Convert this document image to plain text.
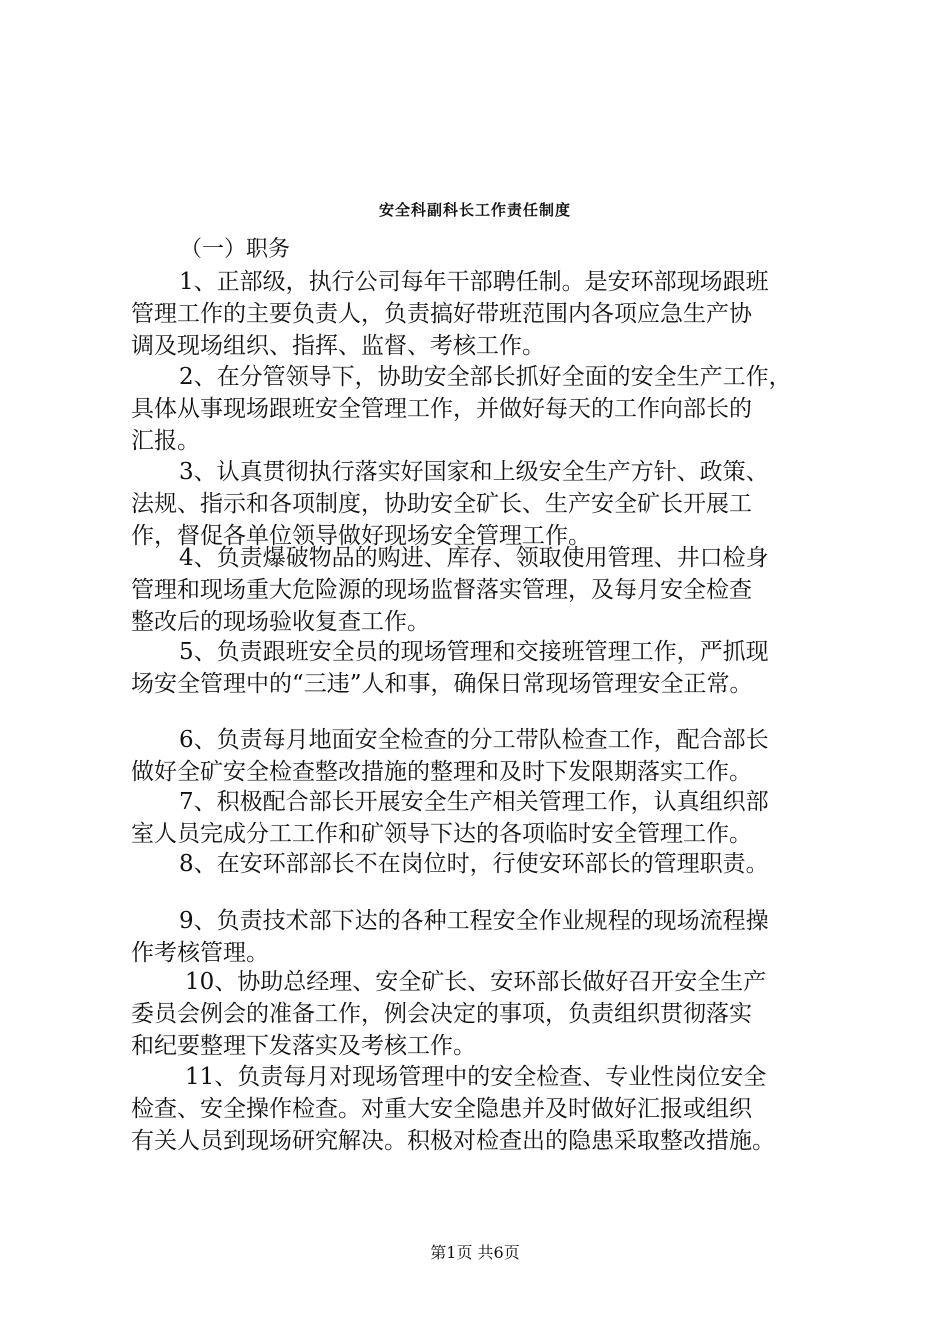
安全科副科长工作责任制度
（一）职务
1、正部级，执行公司每年干部聘任制。是安环部现场跟班
管理工作的主要负责人，负责搞好带班范围内各项应急生产协
调及现场组织、指挥、监督、考核工作。
2、在分管领导下，协助安全部长抓好全面的安全生产工作，
具体从事现场跟班安全管理工作，并做好每天的工作向部长的
汇报。
3、认真贯彻执行落实好国家和上级安全生产方针、政策、
法规、指示和各项制度，协助安全矿长、生产安全矿长开展工
作，督促各单位领导做好现场安全管理工作。
4、负责爆破物品的购进、库存、领取使用管理、井口检身
管理和现场重大危险源的现场监督落实管理，及每月安全检查
整改后的现场验收复查工作。
5、负责跟班安全员的现场管理和交接班管理工作，严抓现
场安全管理中的“三违”人和事，确保日常现场管理安全正常。
6、负责每月地面安全检查的分工带队检查工作，配合部长
做好全矿安全检查整改措施的整理和及时下发限期落实工作。
7、积极配合部长开展安全生产相关管理工作，认真组织部
室人员完成分工工作和矿领导下达的各项临时安全管理工作。
8、在安环部部长不在岗位时，行使安环部长的管理职责。
9、负责技术部下达的各种工程安全作业规程的现场流程操
作考核管理。
10、协助总经理、安全矿长、安环部长做好召开安全生产
委员会例会的准备工作，例会决定的事项，负责组织贯彻落实
和纪要整理下发落实及考核工作。
11、负责每月对现场管理中的安全检查、专业性岗位安全
检查、安全操作检查。对重大安全隐患并及时做好汇报或组织
有关人员到现场研究解决。积极对检查出的隐患采取整改措施。
第1页 共6页
